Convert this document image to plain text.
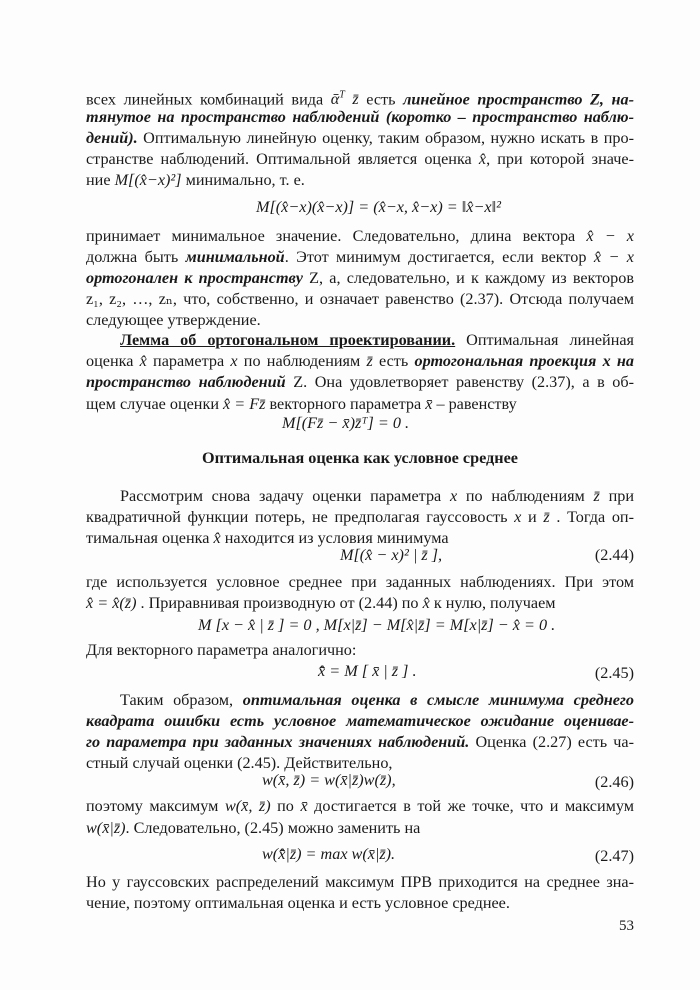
всех линейных комбинаций вида ᾱ$^T$ z̄ есть линейное пространство Z, на-
тянутое на пространство наблюдений (коротко – пространство наблю-
дений). Оптимальную линейную оценку, таким образом, нужно искать в про-
странстве наблюдений. Оптимальной является оценка x̂, при которой значе-
ние M[(x̂−x)²] минимально, т. е.
M[(x̂−x)(x̂−x)] = (x̂−x, x̂−x) = ‖x̂−x‖²
принимает минимальное значение. Следовательно, длина вектора x̂ − x
должна быть минимальной. Этот минимум достигается, если вектор x̂ − x
ортогонален к пространству Z, а, следовательно, и к каждому из векторов
z₁, z₂, …, zₙ, что, собственно, и означает равенство (2.37). Отсюда получаем
следующее утверждение.
Лемма об ортогональном проектировании. Оптимальная линейная
оценка x̂ параметра x по наблюдениям z̄ есть ортогональная проекция x на
пространство наблюдений Z. Она удовлетворяет равенству (2.37), а в об-
щем случае оценки x̂ = Fz̄ векторного параметра x̄ – равенству
M[(Fz̄ − x̄)z̄ᵀ] = 0 .
Оптимальная оценка как условное среднее
Рассмотрим снова задачу оценки параметра x по наблюдениям z̄ при
квадратичной функции потерь, не предполагая гауссовость x и z̄ . Тогда оп-
тимальная оценка x̂ находится из условия минимума
M[(x̂ − x)² | z̄ ],	(2.44)
где используется условное среднее при заданных наблюдениях. При этом
x̂ = x̂(z̄) . Приравнивая производную от (2.44) по x̂ к нулю, получаем
M [x − x̂ | z̄ ] = 0 , M[x|z̄] − M[x̂|z̄] = M[x|z̄] − x̂ = 0 .
Для векторного параметра аналогично:
x̄̂ = M [ x̄ | z̄ ] .	(2.45)
Таким образом, оптимальная оценка в смысле минимума среднего
квадрата ошибки есть условное математическое ожидание оценивае-
го параметра при заданных значениях наблюдений. Оценка (2.27) есть ча-
стный случай оценки (2.45). Действительно,
w(x̄, z̄) = w(x̄|z̄)w(z̄),	(2.46)
поэтому максимум w(x̄, z̄) по x̄ достигается в той же точке, что и максимум
w(x̄|z̄). Следовательно, (2.45) можно заменить на
w(x̄̂|z̄) = max w(x̄|z̄).	(2.47)
Но у гауссовских распределений максимум ПРВ приходится на среднее зна-
чение, поэтому оптимальная оценка и есть условное среднее.
53
